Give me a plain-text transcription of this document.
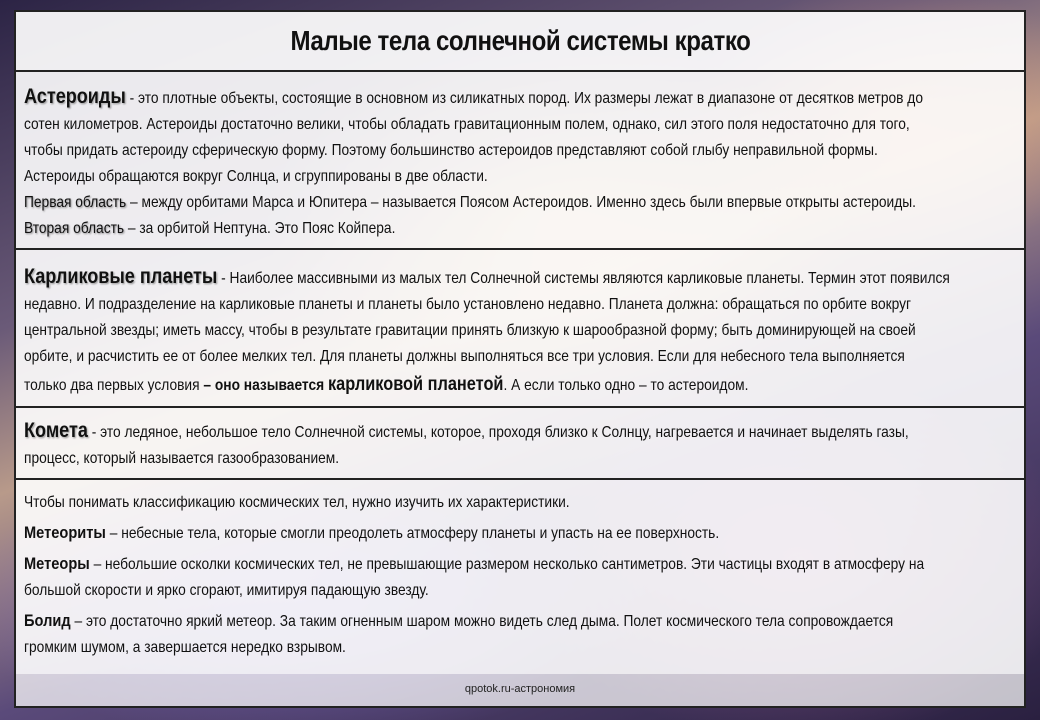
Малые тела солнечной системы кратко
Астероиды - это плотные объекты, состоящие в основном из силикатных пород. Их размеры лежат в диапазоне от десятков метров до
сотен километров. Астероиды достаточно велики, чтобы обладать гравитационным полем, однако, сил этого поля недостаточно для того,
чтобы придать астероиду сферическую форму. Поэтому большинство астероидов представляют собой глыбу неправильной формы.
Астероиды обращаются вокруг Солнца, и сгруппированы в две области.
Первая область – между орбитами Марса и Юпитера – называется Поясом Астероидов. Именно здесь были впервые открыты астероиды.
Вторая область – за орбитой Нептуна. Это Пояс Койпера.
Карликовые планеты - Наиболее массивными из малых тел Солнечной системы являются карликовые планеты. Термин этот появился
недавно. И подразделение на карликовые планеты и планеты было установлено недавно. Планета должна: обращаться по орбите вокруг
центральной звезды; иметь массу, чтобы в результате гравитации принять близкую к шарообразной форму; быть доминирующей на своей
орбите, и расчистить ее от более мелких тел. Для планеты должны выполняться все три условия. Если для небесного тела выполняется
только два первых условия – оно называется карликовой планетой. А если только одно – то астероидом.
Комета - это ледяное, небольшое тело Солнечной системы, которое, проходя близко к Солнцу, нагревается и начинает выделять газы,
процесс, который называется газообразованием.
Чтобы понимать классификацию космических тел, нужно изучить их характеристики.
Метеориты – небесные тела, которые смогли преодолеть атмосферу планеты и упасть на ее поверхность.
Метеоры – небольшие осколки космических тел, не превышающие размером несколько сантиметров. Эти частицы входят в атмосферу на
большой скорости и ярко сгорают, имитируя падающую звезду.
Болид – это достаточно яркий метеор. За таким огненным шаром можно видеть след дыма. Полет космического тела сопровождается
громким шумом, а завершается нередко взрывом.
qpotok.ru-астрономия
